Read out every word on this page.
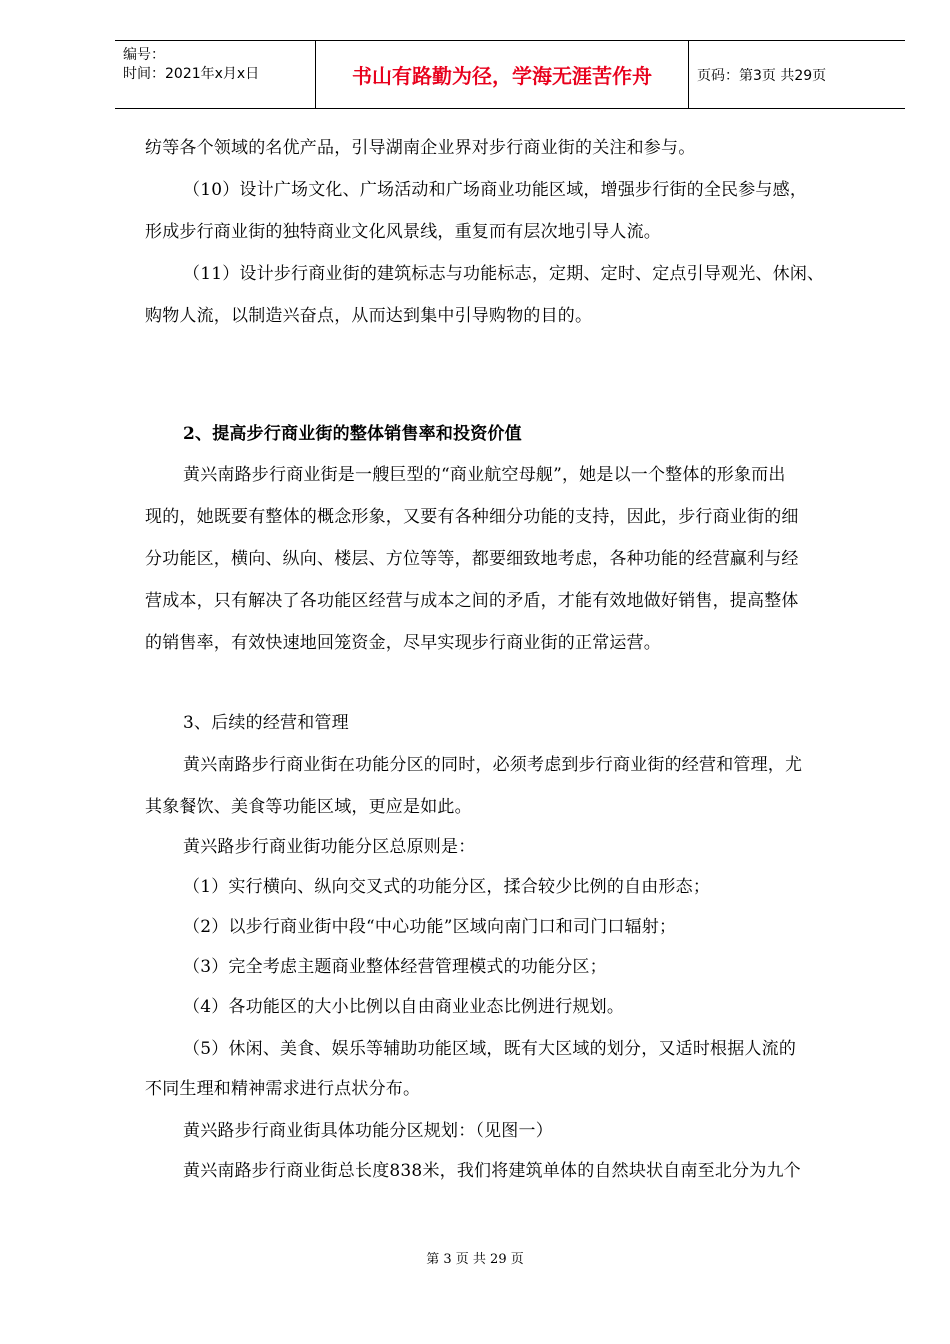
编号：
时间：2021年x月x日	书山有路勤为径，学海无涯苦作舟	页码：第3页 共29页
纺等各个领域的名优产品，引导湖南企业界对步行商业街的关注和参与。
（10）设计广场文化、广场活动和广场商业功能区域，增强步行街的全民参与感，
形成步行商业街的独特商业文化风景线，重复而有层次地引导人流。
（11）设计步行商业街的建筑标志与功能标志，定期、定时、定点引导观光、休闲、
购物人流，以制造兴奋点，从而达到集中引导购物的目的。
2、提高步行商业街的整体销售率和投资价值
黄兴南路步行商业街是一艘巨型的“商业航空母舰”，她是以一个整体的形象而出
现的，她既要有整体的概念形象，又要有各种细分功能的支持，因此，步行商业街的细
分功能区，横向、纵向、楼层、方位等等，都要细致地考虑，各种功能的经营赢利与经
营成本，只有解决了各功能区经营与成本之间的矛盾，才能有效地做好销售，提高整体
的销售率，有效快速地回笼资金，尽早实现步行商业街的正常运营。
3、后续的经营和管理
黄兴南路步行商业街在功能分区的同时，必须考虑到步行商业街的经营和管理，尤
其象餐饮、美食等功能区域，更应是如此。
黄兴路步行商业街功能分区总原则是：
（1）实行横向、纵向交叉式的功能分区，揉合较少比例的自由形态；
（2）以步行商业街中段“中心功能”区域向南门口和司门口辐射；
（3）完全考虑主题商业整体经营管理模式的功能分区；
（4）各功能区的大小比例以自由商业业态比例进行规划。
（5）休闲、美食、娱乐等辅助功能区域，既有大区域的划分，又适时根据人流的
不同生理和精神需求进行点状分布。
黄兴路步行商业街具体功能分区规划：（见图一）
黄兴南路步行商业街总长度838米，我们将建筑单体的自然块状自南至北分为九个
第 3 页 共 29 页
